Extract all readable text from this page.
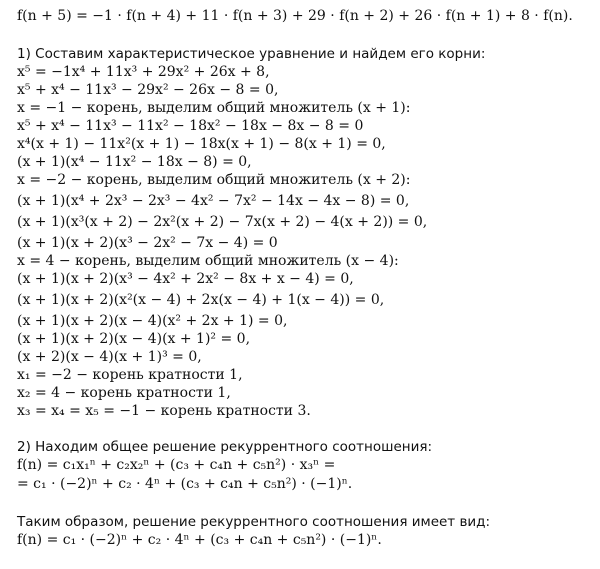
f(n + 5) = −1 · f(n + 4) + 11 · f(n + 3) + 29 · f(n + 2) + 26 · f(n + 1) + 8 · f(n).
1) Составим характеристическое уравнение и найдем его корни:
x⁵ = −1x⁴ + 11x³ + 29x² + 26x + 8,
x⁵ + x⁴ − 11x³ − 29x² − 26x − 8 = 0,
x = −1 − корень, выделим общий множитель (x + 1):
x⁵ + x⁴ − 11x³ − 11x² − 18x² − 18x − 8x − 8 = 0
x⁴(x + 1) − 11x²(x + 1) − 18x(x + 1) − 8(x + 1) = 0,
(x + 1)(x⁴ − 11x² − 18x − 8) = 0,
x = −2 − корень, выделим общий множитель (x + 2):
(x + 1)(x⁴ + 2x³ − 2x³ − 4x² − 7x² − 14x − 4x − 8) = 0,
(x + 1)(x³(x + 2) − 2x²(x + 2) − 7x(x + 2) − 4(x + 2)) = 0,
(x + 1)(x + 2)(x³ − 2x² − 7x − 4) = 0
x = 4 − корень, выделим общий множитель (x − 4):
(x + 1)(x + 2)(x³ − 4x² + 2x² − 8x + x − 4) = 0,
(x + 1)(x + 2)(x²(x − 4) + 2x(x − 4) + 1(x − 4)) = 0,
(x + 1)(x + 2)(x − 4)(x² + 2x + 1) = 0,
(x + 1)(x + 2)(x − 4)(x + 1)² = 0,
(x + 2)(x − 4)(x + 1)³ = 0,
x₁ = −2 − корень кратности 1,
x₂ = 4 − корень кратности 1,
x₃ = x₄ = x₅ = −1 − корень кратности 3.
2) Находим общее решение рекуррентного соотношения:
f(n) = c₁x₁ⁿ + c₂x₂ⁿ + (c₃ + c₄n + c₅n²) · x₃ⁿ =
= c₁ · (−2)ⁿ + c₂ · 4ⁿ + (c₃ + c₄n + c₅n²) · (−1)ⁿ.
Таким образом, решение рекуррентного соотношения имеет вид:
f(n) = c₁ · (−2)ⁿ + c₂ · 4ⁿ + (c₃ + c₄n + c₅n²) · (−1)ⁿ.
